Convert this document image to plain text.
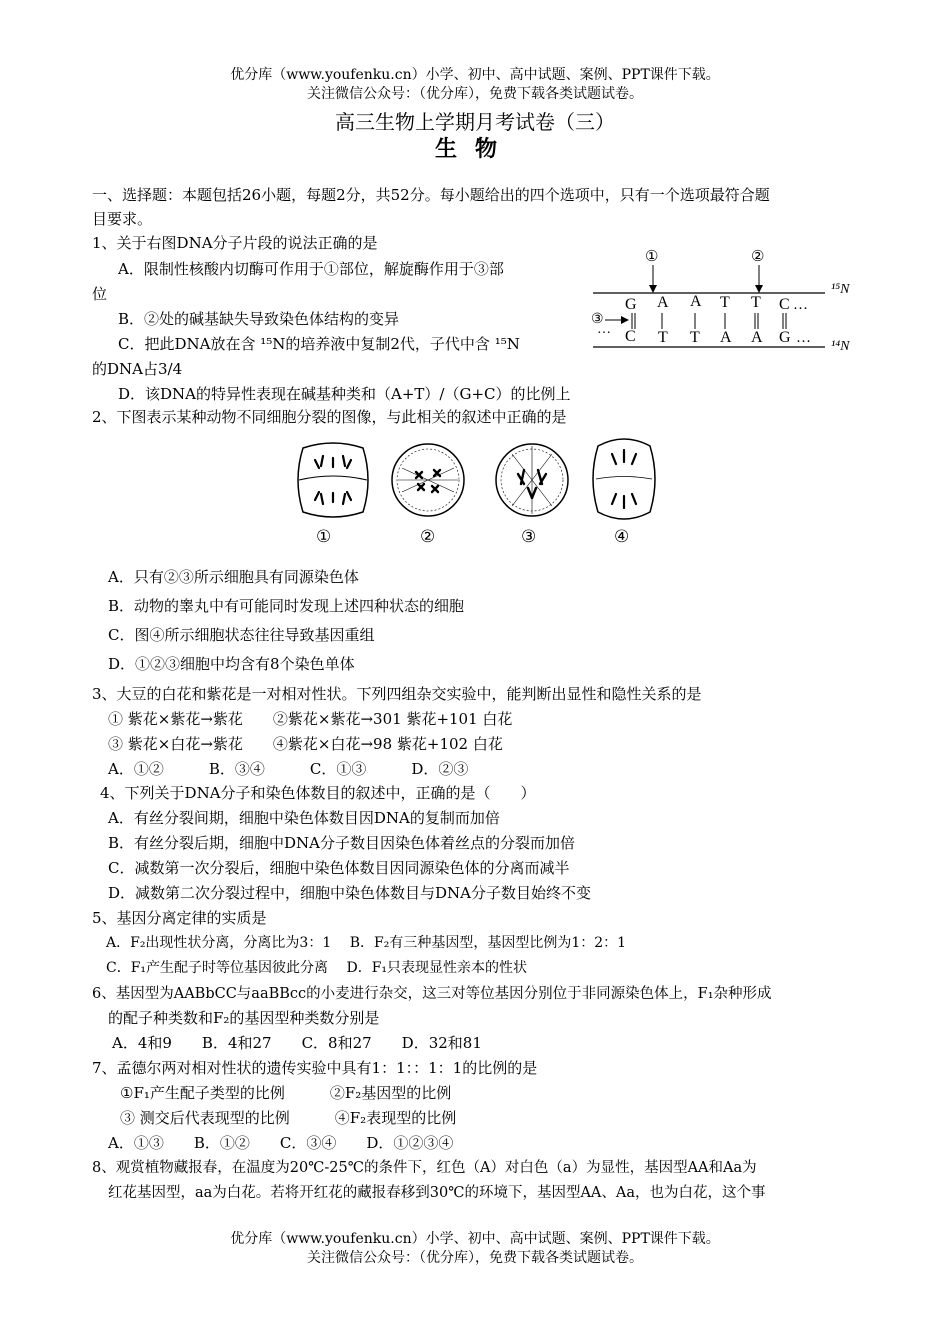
优分库（www.youfenku.cn）小学、初中、高中试题、案例、PPT课件下载。
关注微信公众号：（优分库），免费下载各类试题试卷。
高三生物上学期月考试卷（三）
生物
一、选择题：本题包括26小题，每题2分，共52分。每小题给出的四个选项中，只有一个选项最符合题
目要求。
1、关于右图DNA分子片段的说法正确的是
A．限制性核酸内切酶可作用于①部位，解旋酶作用于③部
位
B．②处的碱基缺失导致染色体结构的变异
C．把此DNA放在含 ¹⁵N的培养液中复制2代，子代中含 ¹⁵N
的DNA占3/4
D．该DNA的特异性表现在碱基种类和（A+T）/（G+C）的比例上
①	②
③
G A A T T C …
··· C T T A A G …
¹⁵N
¹⁴N
2、下图表示某种动物不同细胞分裂的图像，与此相关的叙述中正确的是
①	②	③	④
A．只有②③所示细胞具有同源染色体
B．动物的睾丸中有可能同时发现上述四种状态的细胞
C．图④所示细胞状态往往导致基因重组
D．①②③细胞中均含有8个染色单体
3、大豆的白花和紫花是一对相对性状。下列四组杂交实验中，能判断出显性和隐性关系的是
① 紫花×紫花→紫花　　②紫花×紫花→301 紫花+101 白花
③ 紫花×白花→紫花　　④紫花×白花→98 紫花+102 白花
A．①②　　　B．③④　　　C．①③　　　D．②③
4、下列关于DNA分子和染色体数目的叙述中，正确的是（　　）
A．有丝分裂间期，细胞中染色体数目因DNA的复制而加倍
B．有丝分裂后期，细胞中DNA分子数目因染色体着丝点的分裂而加倍
C．减数第一次分裂后，细胞中染色体数目因同源染色体的分离而减半
D．减数第二次分裂过程中，细胞中染色体数目与DNA分子数目始终不变
5、基因分离定律的实质是
A．F₂出现性状分离，分离比为3：1　 B．F₂有三种基因型，基因型比例为1：2：1
C．F₁产生配子时等位基因彼此分离　 D．F₁只表现显性亲本的性状
6、基因型为AABbCC与aaBBcc的小麦进行杂交，这三对等位基因分别位于非同源染色体上，F₁杂种形成
的配子种类数和F₂的基因型种类数分别是
A．4和9　　B．4和27　　C．8和27　　D．32和81
7、孟德尔两对相对性状的遗传实验中具有1：1：：1：1的比例的是
①F₁产生配子类型的比例　　　②F₂基因型的比例
③ 测交后代表现型的比例　　　④F₂表现型的比例
A．①③　　B．①②　　C．③④　　D．①②③④
8、观赏植物藏报春，在温度为20℃-25℃的条件下，红色（A）对白色（a）为显性，基因型AA和Aa为
红花基因型，aa为白花。若将开红花的藏报春移到30℃的环境下，基因型AA、Aa，也为白花，这个事
优分库（www.youfenku.cn）小学、初中、高中试题、案例、PPT课件下载。
关注微信公众号：（优分库），免费下载各类试题试卷。
